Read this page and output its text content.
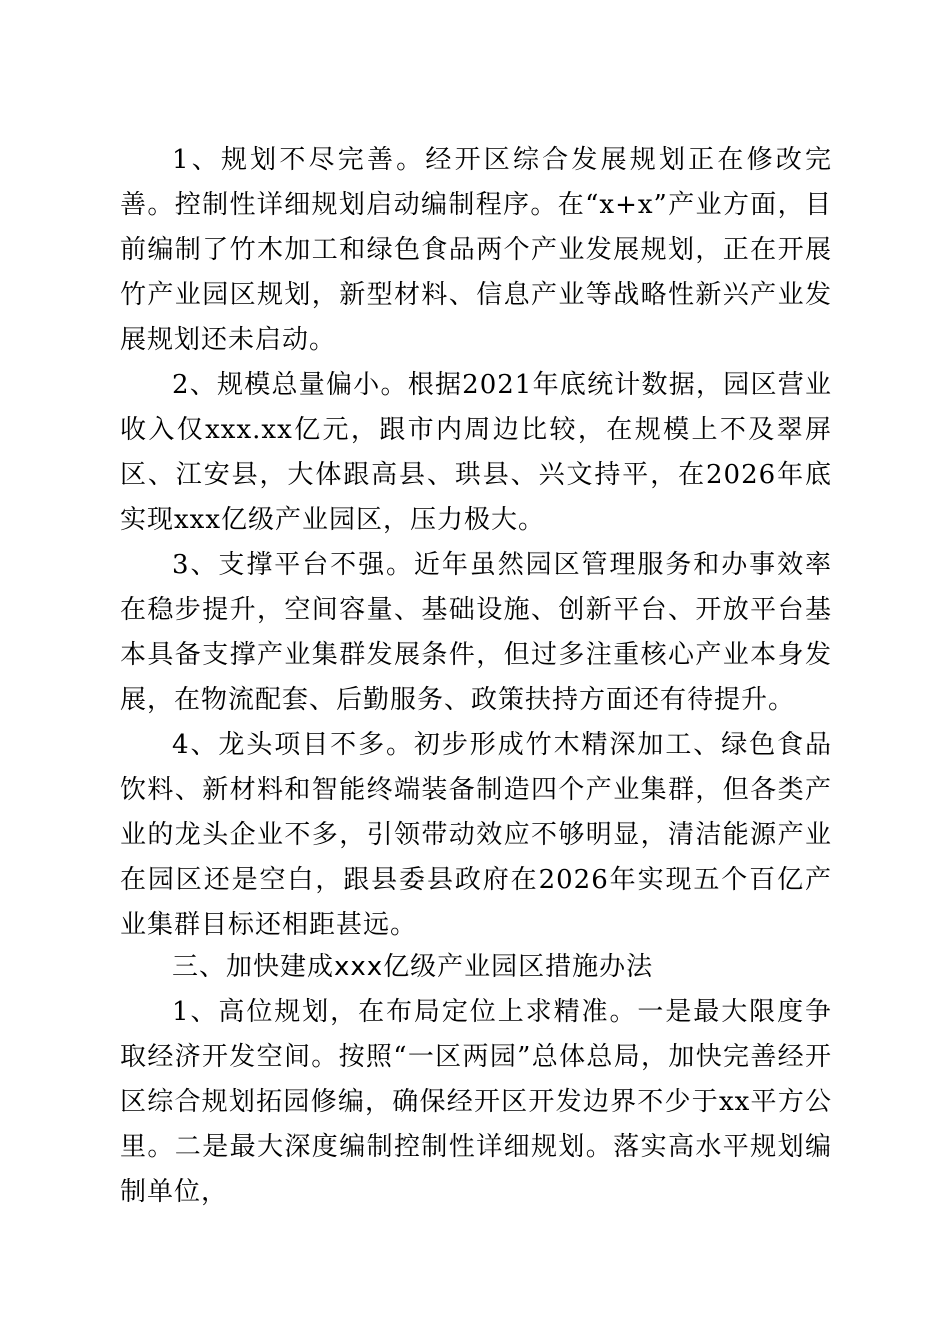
1、规划不尽完善。经开区综合发展规划正在修改完善。控制性详细规划启动编制程序。在“x+x”产业方面，目前编制了竹木加工和绿色食品两个产业发展规划，正在开展竹产业园区规划，新型材料、信息产业等战略性新兴产业发展规划还未启动。

2、规模总量偏小。根据2021年底统计数据，园区营业收入仅xxx.xx亿元，跟市内周边比较，在规模上不及翠屏区、江安县，大体跟高县、珙县、兴文持平，在2026年底实现xxx亿级产业园区，压力极大。

3、支撑平台不强。近年虽然园区管理服务和办事效率在稳步提升，空间容量、基础设施、创新平台、开放平台基本具备支撑产业集群发展条件，但过多注重核心产业本身发展，在物流配套、后勤服务、政策扶持方面还有待提升。

4、龙头项目不多。初步形成竹木精深加工、绿色食品饮料、新材料和智能终端装备制造四个产业集群，但各类产业的龙头企业不多，引领带动效应不够明显，清洁能源产业在园区还是空白，跟县委县政府在2026年实现五个百亿产业集群目标还相距甚远。

三、加快建成xxx亿级产业园区措施办法

1、高位规划，在布局定位上求精准。一是最大限度争取经济开发空间。按照“一区两园”总体总局，加快完善经开区综合规划拓园修编，确保经开区开发边界不少于xx平方公里。二是最大深度编制控制性详细规划。落实高水平规划编制单位，
